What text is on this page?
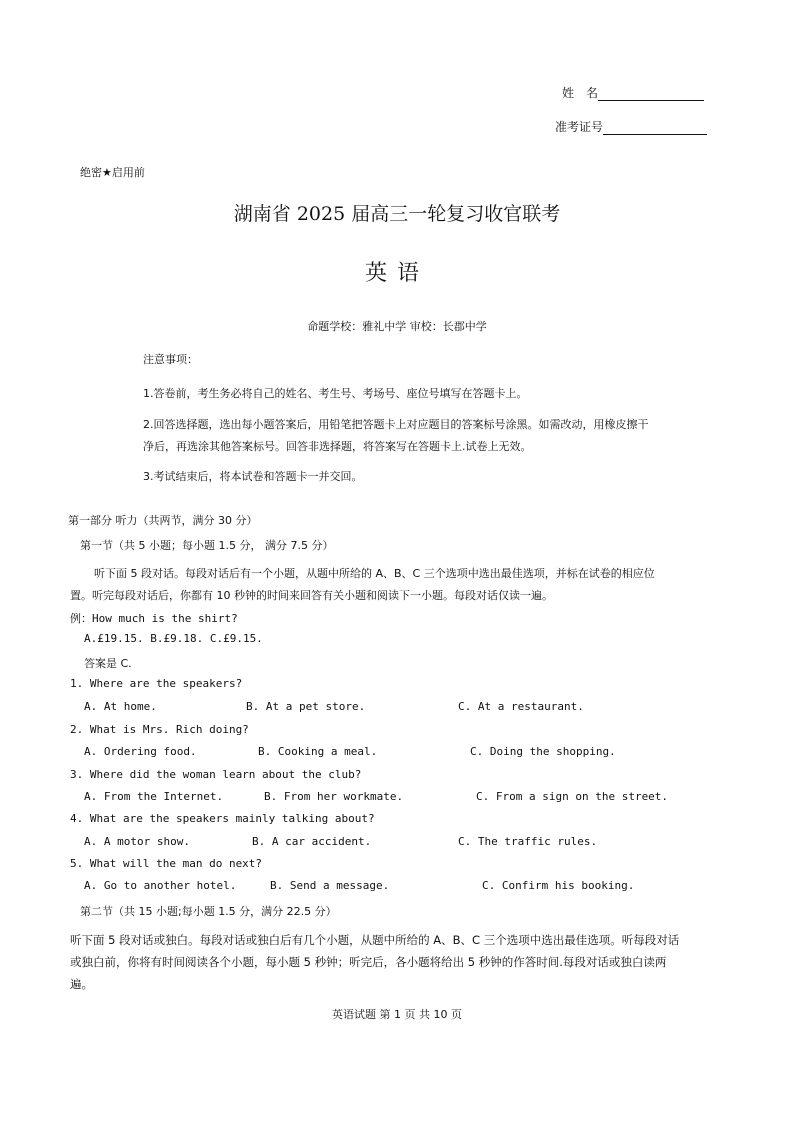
姓　名
准考证号
绝密★启用前
湖南省 2025 届高三一轮复习收官联考
英语
命题学校：雅礼中学 审校：长郡中学
注意事项：
1.答卷前，考生务必将自己的姓名、考生号、考场号、座位号填写在答题卡上。
2.回答选择题，选出每小题答案后，用铅笔把答题卡上对应题目的答案标号涂黑。如需改动，用橡皮擦干
净后，再选涂其他答案标号。回答非选择题，将答案写在答题卡上.试卷上无效。
3.考试结束后，将本试卷和答题卡一并交回。
第一部分 听力（共两节，满分 30 分）
第一节（共 5 小题；每小题 1.5 分， 满分 7.5 分）
听下面 5 段对话。每段对话后有一个小题，从题中所给的 A、B、C 三个选项中选出最佳选项，并标在试卷的相应位
置。听完每段对话后，你都有 10 秒钟的时间来回答有关小题和阅读下一小题。每段对话仅读一遍。
例：How much is the shirt?
A.£19.15. B.£9.18. C.£9.15.
答案是 C.
1. Where are the speakers?
A. At home.	B. At a pet store.	C. At a restaurant.
2. What is Mrs. Rich doing?
A. Ordering food.	B. Cooking a meal.	C. Doing the shopping.
3. Where did the woman learn about the club?
A. From the Internet.	B. From her workmate.	C. From a sign on the street.
4. What are the speakers mainly talking about?
A. A motor show.	B. A car accident.	C. The traffic rules.
5. What will the man do next?
A. Go to another hotel.	B. Send a message.	C. Confirm his booking.
第二节（共 15 小题;每小题 1.5 分，满分 22.5 分）
听下面 5 段对话或独白。每段对话或独白后有几个小题，从题中所给的 A、B、C 三个选项中选出最佳选项。听每段对话
或独白前，你将有时间阅读各个小题，每小题 5 秒钟；听完后，各小题将给出 5 秒钟的作答时间.每段对话或独白读两
遍。
英语试题 第 1 页 共 10 页
